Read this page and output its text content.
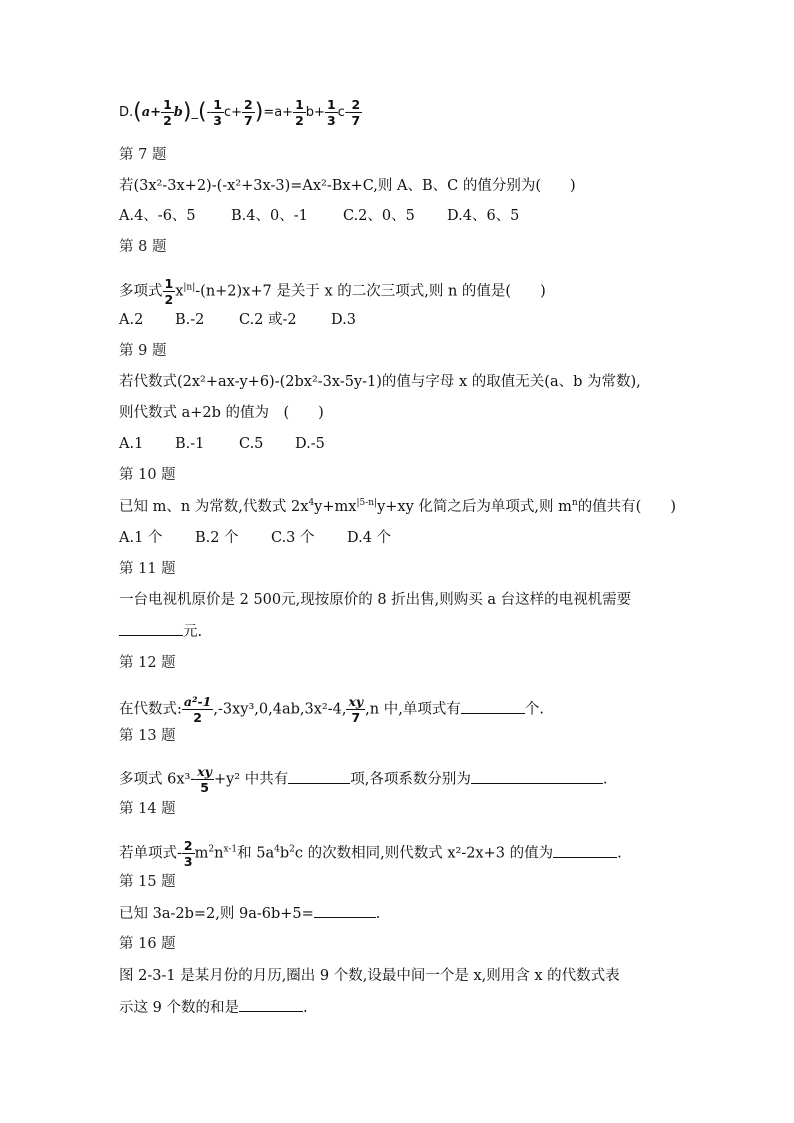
$D.(a+ \frac{1}{2}$ b)_(- $\frac{1}{3} c+ \frac{2}{7} )=a+ \frac{1}{2} b+ \frac{1}{3} c- \frac{2}{7}$
第 7 题
若(3x²-3x+2)-(-x²+3x-3)=Ax²-Bx+C,则 A、B、C 的值分别为(　　)
A.4、-6、5 B.4、0、-1 C.2、0、5 D.4、6、5
第 8 题
多项式 $\frac{1}{2} x^{|n|}-(n+2)x+7$ 是关于 x 的二次三项式,则 n 的值是(　　)
A.2 B.-2 C.2 或-2 D.3
第 9 题
若代数式(2x²+ax-y+6)-(2bx²-3x-5y-1)的值与字母 x 的取值无关(a、b 为常数),
则代数式 a+2b 的值为　(　　)
A.1 B.-1 C.5 D.-5
第 10 题
已知 m、n 为常数,代数式 $2x^4y+mx^{|5-n|}y+xy$ 化简之后为单项式,则 $m^n$的值共有(　　)
A.1 个 B.2 个 C.3 个 D.4 个
第 11 题
一台电视机原价是 2 500元,现按原价的 8 折出售,则购买 a 台这样的电视机需要
元.
第 12 题
在代数式: $\frac{\text{a²-1}}{2} ,-3xy^3,0,4ab,3x^2-4$, $\frac{xy}{7} ,n$ 中,单项式有	个.
第 13 题
多项式 $6x^3- \frac{xy}{5} +y^2$ 中共有	项,各项系数分别为	.
第 14 题
若单项式- $\frac{2}{3} m^2n^{x-1}$和 $5a^4b^2c$ 的次数相同,则代数式 x²-2x+3 的值为	.
第 15 题
已知 3a-2b=2,则 9a-6b+5=	.
第 16 题
图 2-3-1 是某月份的月历,圈出 9 个数,设最中间一个是 x,则用含 x 的代数式表
示这 9 个数的和是	.
